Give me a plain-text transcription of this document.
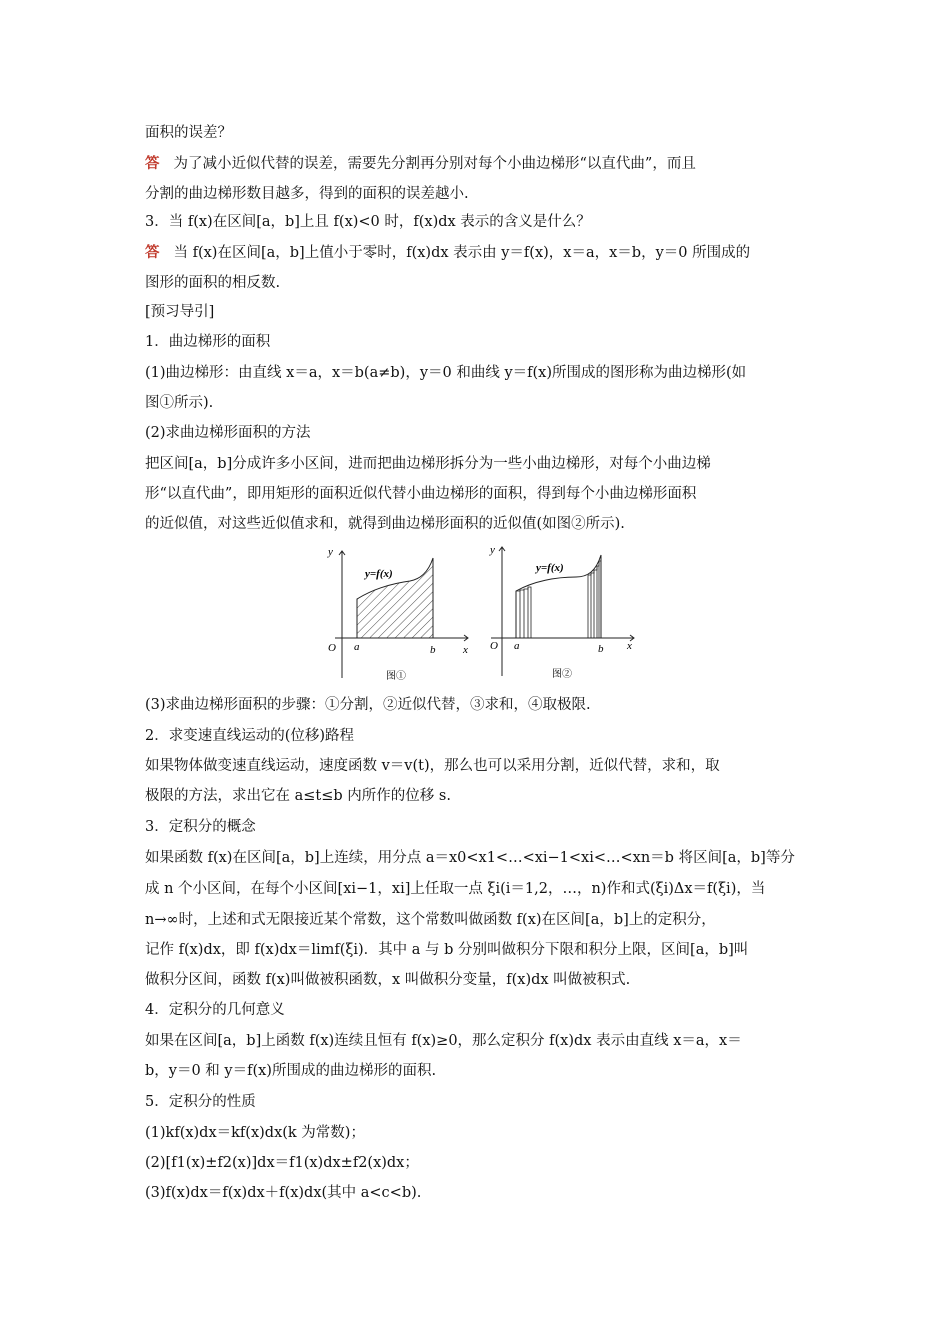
面积的误差？
答 为了减小近似代替的误差，需要先分割再分别对每个小曲边梯形“以直代曲”，而且
分割的曲边梯形数目越多，得到的面积的误差越小.
3．当 f(x)在区间[a，b]上且 f(x)<0 时，f(x)dx 表示的含义是什么？
答 当 f(x)在区间[a，b]上值小于零时，f(x)dx 表示由 y＝f(x)，x＝a，x＝b，y＝0 所围成的
图形的面积的相反数.
[预习导引]
1．曲边梯形的面积
(1)曲边梯形：由直线 x＝a，x＝b(a≠b)，y＝0 和曲线 y＝f(x)所围成的图形称为曲边梯形(如
图①所示).
(2)求曲边梯形面积的方法
把区间[a，b]分成许多小区间，进而把曲边梯形拆分为一些小曲边梯形，对每个小曲边梯
形“以直代曲”，即用矩形的面积近似代替小曲边梯形的面积，得到每个小曲边梯形面积
的近似值，对这些近似值求和，就得到曲边梯形面积的近似值(如图②所示).
y
x
O a	b
y=f(x)
图①
y
x
O a	b
y=f(x)
图②
(3)求曲边梯形面积的步骤：①分割，②近似代替，③求和，④取极限.
2．求变速直线运动的(位移)路程
如果物体做变速直线运动，速度函数 v＝v(t)，那么也可以采用分割，近似代替，求和，取
极限的方法，求出它在 a≤t≤b 内所作的位移 s.
3．定积分的概念
如果函数 f(x)在区间[a，b]上连续，用分点 a＝x0<x1<…<xi−1<xi<…<xn＝b 将区间[a，b]等分
成 n 个小区间，在每个小区间[xi−1，xi]上任取一点 ξi(i＝1,2，…，n)作和式(ξi)Δx＝f(ξi)，当
n→∞时，上述和式无限接近某个常数，这个常数叫做函数 f(x)在区间[a，b]上的定积分，
记作 f(x)dx，即 f(x)dx＝limf(ξi)．其中 a 与 b 分别叫做积分下限和积分上限，区间[a，b]叫
做积分区间，函数 f(x)叫做被积函数，x 叫做积分变量，f(x)dx 叫做被积式.
4．定积分的几何意义
如果在区间[a，b]上函数 f(x)连续且恒有 f(x)≥0，那么定积分 f(x)dx 表示由直线 x＝a，x＝
b，y＝0 和 y＝f(x)所围成的曲边梯形的面积.
5．定积分的性质
(1)kf(x)dx＝kf(x)dx(k 为常数)；
(2)[f1(x)±f2(x)]dx＝f1(x)dx±f2(x)dx；
(3)f(x)dx＝f(x)dx＋f(x)dx(其中 a<c<b).
